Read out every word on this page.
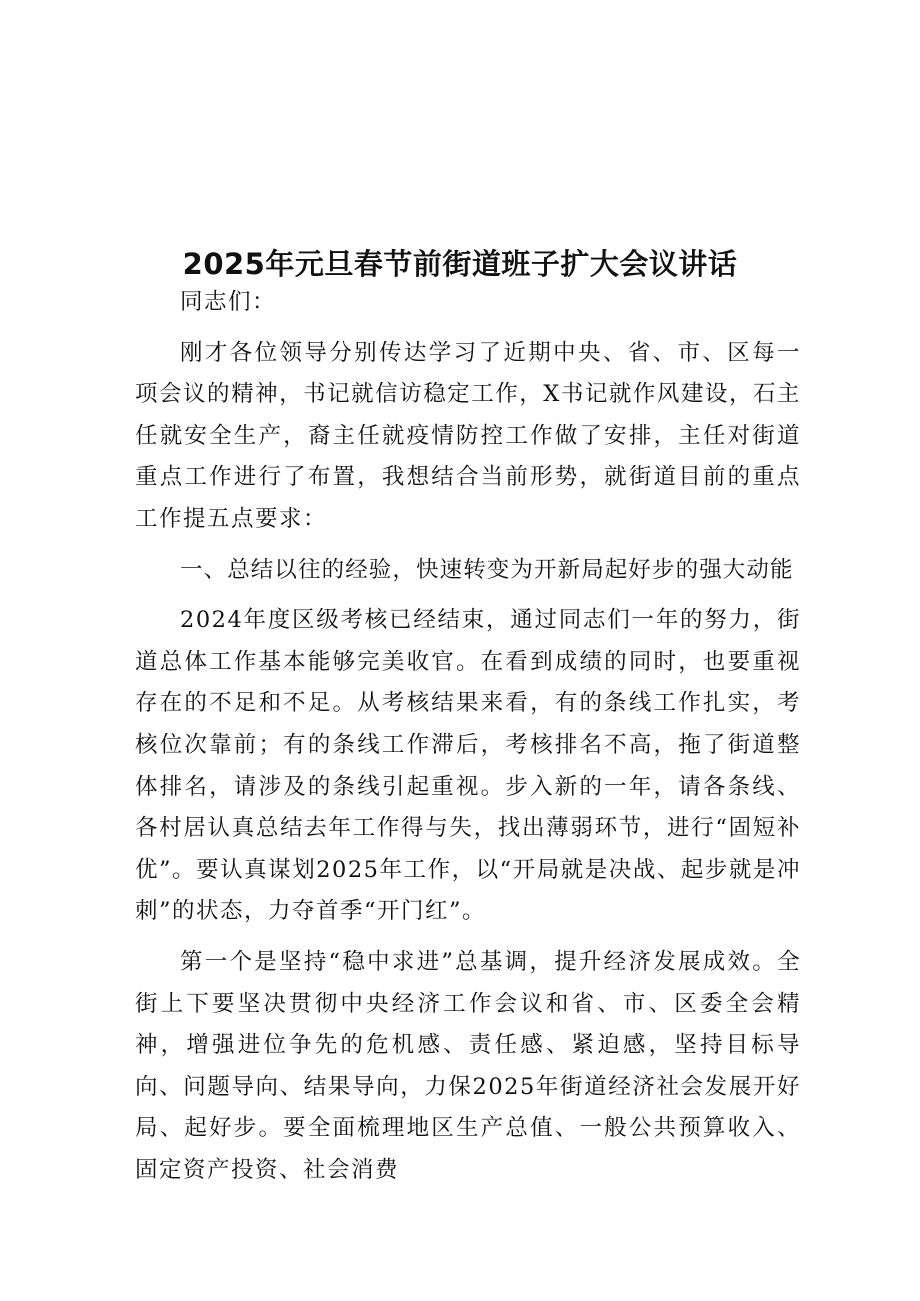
2025年元旦春节前街道班子扩大会议讲话

同志们：

刚才各位领导分别传达学习了近期中央、省、市、区每一项会议的精神，书记就信访稳定工作，X书记就作风建设，石主任就安全生产，裔主任就疫情防控工作做了安排，主任对街道重点工作进行了布置，我想结合当前形势，就街道目前的重点工作提五点要求：

一、总结以往的经验，快速转变为开新局起好步的强大动能

2024年度区级考核已经结束，通过同志们一年的努力，街道总体工作基本能够完美收官。在看到成绩的同时，也要重视存在的不足和不足。从考核结果来看，有的条线工作扎实，考核位次靠前；有的条线工作滞后，考核排名不高，拖了街道整体排名，请涉及的条线引起重视。步入新的一年，请各条线、各村居认真总结去年工作得与失，找出薄弱环节，进行“固短补优”。要认真谋划2025年工作，以“开局就是决战、起步就是冲刺”的状态，力夺首季“开门红”。

第一个是坚持“稳中求进”总基调，提升经济发展成效。全街上下要坚决贯彻中央经济工作会议和省、市、区委全会精神，增强进位争先的危机感、责任感、紧迫感，坚持目标导向、问题导向、结果导向，力保2025年街道经济社会发展开好局、起好步。要全面梳理地区生产总值、一般公共预算收入、固定资产投资、社会消费
